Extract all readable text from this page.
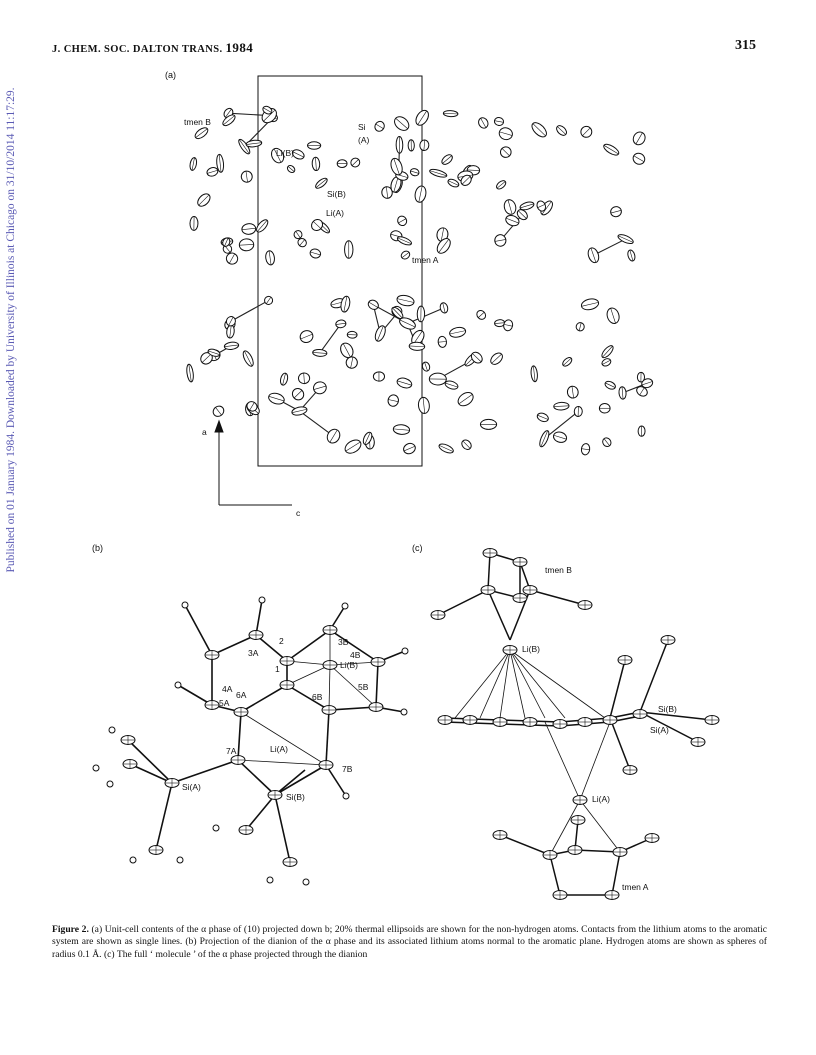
J. CHEM. SOC. DALTON TRANS. 1984	315
Published on 01 January 1984. Downloaded by University of Illinois at Chicago on 31/10/2014 11:17:29.
(a)
tmen B	Si
(A)
Li(B)
Si(B)
Li(A)
tmen A
a
c
(b)
3A
4A
5A
6A
1
2	3B
4B
5B
6B
7B
7A
Li(B)
Li(A)
Si(A)
Si(B)
(c)
tmen B
Li(B)
Si(B)
Si(A)
Li(A)
tmen A
Figure 2. (a) Unit-cell contents of the α phase of (10) projected down b; 20% thermal ellipsoids are shown for the non-hydrogen atoms. Contacts from the lithium atoms to the aromatic system are shown as single lines. (b) Projection of the dianion of the α phase and its associated lithium atoms normal to the aromatic plane. Hydrogen atoms are shown as spheres of radius 0.1 Å. (c) The full ‘ molecule ’ of the α phase projected through the dianion
